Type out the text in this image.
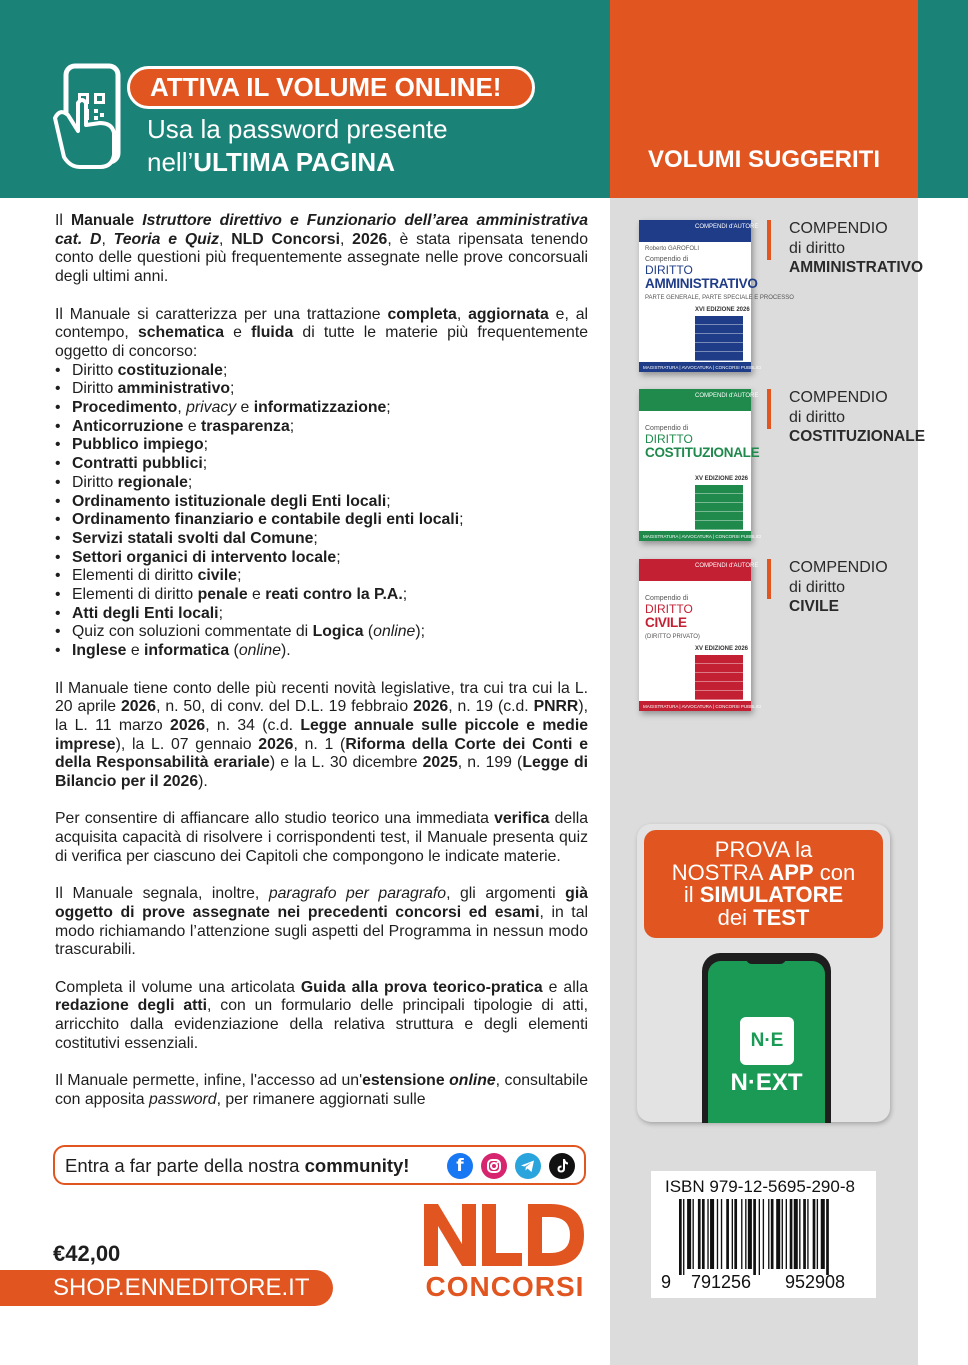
ATTIVA IL VOLUME ONLINE!
Usa la password presente
nell’ULTIMA PAGINA	VOLUMI SUGGERITI

Il Manuale Istruttore direttivo e Funzionario dell’area amministrativa cat. D, Teoria e Quiz, NLD Concorsi, 2026, è stata ripensata tenendo conto delle questioni più frequentemente assegnate nelle prove concorsuali degli ultimi anni.

Il Manuale si caratterizza per una trattazione completa, aggiornata e, al contempo, schematica e fluida di tutte le materie più frequentemente oggetto di concorso:

• Diritto costituzionale;
• Diritto amministrativo;
• Procedimento, privacy e informatizzazione;
• Anticorruzione e trasparenza;
• Pubblico impiego;
• Contratti pubblici;
• Diritto regionale;
• Ordinamento istituzionale degli Enti locali;
• Ordinamento finanziario e contabile degli enti locali;
• Servizi statali svolti dal Comune;
• Settori organici di intervento locale;
• Elementi di diritto civile;
• Elementi di diritto penale e reati contro la P.A.;
• Atti degli Enti locali;
• Quiz con soluzioni commentate di Logica (online);
• Inglese e informatica (online).

Il Manuale tiene conto delle più recenti novità legislative, tra cui tra cui la L. 20 aprile 2026, n. 50, di conv. del D.L. 19 febbraio 2026, n. 19 (c.d. PNRR), la L. 11 marzo 2026, n. 34 (c.d. Legge annuale sulle piccole e medie imprese), la L. 07 gennaio 2026, n. 1 (Riforma della Corte dei Conti e della Responsabilità erariale) e la L. 30 dicembre 2025, n. 199 (Legge di Bilancio per il 2026).

Per consentire di affiancare allo studio teorico una immediata verifica della acquisita capacità di risolvere i corrispondenti test, il Manuale presenta quiz di verifica per ciascuno dei Capitoli che compongono le indicate materie.

Il Manuale segnala, inoltre, paragrafo per paragrafo, gli argomenti già oggetto di prove assegnate nei precedenti concorsi ed esami, in tal modo richiamando l’attenzione sugli aspetti del Programma in nessun modo trascurabili.

Completa il volume una articolata Guida alla prova teorico-pratica e alla redazione degli atti, con un formulario delle principali tipologie di atti, arricchito dalla evidenziazione della relativa struttura e degli elementi costitutivi essenziali.

Il Manuale permette, infine, l'accesso ad un'estensione online, consultabile con apposita password, per rimanere aggiornati sulle

Entra a far parte della nostra community!	f
€42,00
SHOP.ENNEDITORE.IT	CONCORSI
COMPENDI d'AUTORE
Roberto GAROFOLI
Compendio di
DIRITTO
AMMINISTRATIVO
PARTE GENERALE, PARTE SPECIALE E PROCESSO
XVI EDIZIONE 2026
MAGISTRATURA | AVVOCATURA | CONCORSI PUBBLICI
COMPENDIO
di diritto
AMMINISTRATIVO
COMPENDI d'AUTORE
Compendio di
DIRITTO
COSTITUZIONALE
XV EDIZIONE 2026
MAGISTRATURA | AVVOCATURA | CONCORSI PUBBLICI
COMPENDIO
di diritto
COSTITUZIONALE
COMPENDI d'AUTORE
Compendio di
DIRITTO
CIVILE
(DIRITTO PRIVATO)
XV EDIZIONE 2026
MAGISTRATURA | AVVOCATURA | CONCORSI PUBBLICI
COMPENDIO
di diritto
CIVILE
PROVA la
NOSTRA APP con
il SIMULATORE
dei TEST
N·E
N·EXT
ISBN 979-12-5695-290-8
9 791256 952908
